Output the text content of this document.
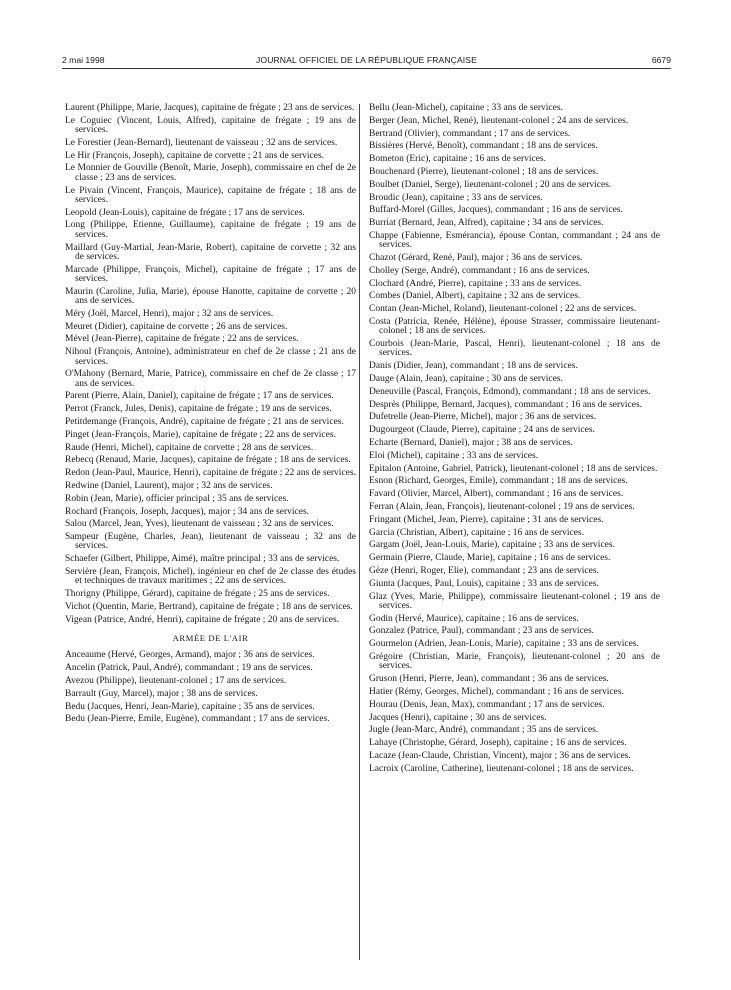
2 mai 1998	JOURNAL OFFICIEL DE LA RÉPUBLIQUE FRANÇAISE	6679

Laurent (Philippe, Marie, Jacques), capitaine de frégate ; 23 ans de services.

Le Coguiec (Vincent, Louis, Alfred), capitaine de frégate ; 19 ans de services.

Le Forestier (Jean-Bernard), lieutenant de vaisseau ; 32 ans de services.

Le Hir (François, Joseph), capitaine de corvette ; 21 ans de services.

Le Monnier de Gouville (Benoît, Marie, Joseph), commissaire en chef de 2e classe ; 23 ans de services.

Le Pivain (Vincent, François, Maurice), capitaine de frégate ; 18 ans de services.

Leopold (Jean-Louis), capitaine de frégate ; 17 ans de services.

Long (Philippe, Etienne, Guillaume), capitaine de frégate ; 19 ans de services.

Maillard (Guy-Martial, Jean-Marie, Robert), capitaine de corvette ; 32 ans de services.

Marcade (Philippe, François, Michel), capitaine de frégate ; 17 ans de services.

Maurin (Caroline, Julia, Marie), épouse Hanotte, capitaine de corvette ; 20 ans de services.

Méry (Joël, Marcel, Henri), major ; 32 ans de services.

Meuret (Didier), capitaine de corvette ; 26 ans de services.

Mével (Jean-Pierre), capitaine de frégate ; 22 ans de services.

Nihoul (François, Antoine), administrateur en chef de 2e classe ; 21 ans de services.

O'Mahony (Bernard, Marie, Patrice), commissaire en chef de 2e classe ; 17 ans de services.

Parent (Pierre, Alain, Daniel), capitaine de frégate ; 17 ans de services.

Perrot (Franck, Jules, Denis), capitaine de frégate ; 19 ans de services.

Petitdemange (François, André), capitaine de frégate ; 21 ans de services.

Pinget (Jean-François, Marie), capitaine de frégate ; 22 ans de services.

Raude (Henri, Michel), capitaine de corvette ; 28 ans de services.

Rebecq (Renaud, Marie, Jacques), capitaine de frégate ; 18 ans de services.

Redon (Jean-Paul, Maurice, Henri), capitaine de frégate ; 22 ans de services.

Redwine (Daniel, Laurent), major ; 32 ans de services.

Robin (Jean, Marie), officier principal ; 35 ans de services.

Rochard (François, Joseph, Jacques), major ; 34 ans de services.

Salou (Marcel, Jean, Yves), lieutenant de vaisseau ; 32 ans de services.

Sampeur (Eugène, Charles, Jean), lieutenant de vaisseau ; 32 ans de services.

Schaefer (Gilbert, Philippe, Aimé), maître principal ; 33 ans de services.

Servière (Jean, François, Michel), ingénieur en chef de 2e classe des études et techniques de travaux maritimes ; 22 ans de services.

Thorigny (Philippe, Gérard), capitaine de frégate ; 25 ans de services.

Vichot (Quentin, Marie, Bertrand), capitaine de frégate ; 18 ans de services.

Vigean (Patrice, André, Henri), capitaine de frégate ; 20 ans de services.

ARMÉE DE L'AIR

Anceaume (Hervé, Georges, Armand), major ; 36 ans de services.

Ancelin (Patrick, Paul, André), commandant ; 19 ans de services.

Avezou (Philippe), lieutenant-colonel ; 17 ans de services.

Barrault (Guy, Marcel), major ; 38 ans de services.

Bedu (Jacques, Henri, Jean-Marie), capitaine ; 35 ans de services.

Bedu (Jean-Pierre, Emile, Eugène), commandant ; 17 ans de services.

Bellu (Jean-Michel), capitaine ; 33 ans de services.

Berger (Jean, Michel, René), lieutenant-colonel ; 24 ans de services.

Bertrand (Olivier), commandant ; 17 ans de services.

Bissières (Hervé, Benoît), commandant ; 18 ans de services.

Bometon (Eric), capitaine ; 16 ans de services.

Bouchenard (Pierre), lieutenant-colonel ; 18 ans de services.

Boulbet (Daniel, Serge), lieutenant-colonel ; 20 ans de services.

Broudic (Jean), capitaine ; 33 ans de services.

Buffard-Morel (Gilles, Jacques), commandant ; 16 ans de services.

Burriat (Bernard, Jean, Alfred), capitaine ; 34 ans de services.

Chappe (Fabienne, Esméranciа), épouse Contan, commandant ; 24 ans de services.

Chazot (Gérard, René, Paul), major ; 36 ans de services.

Cholley (Serge, André), commandant ; 16 ans de services.

Clochard (André, Pierre), capitaine ; 33 ans de services.

Combes (Daniel, Albert), capitaine ; 32 ans de services.

Contan (Jean-Michel, Roland), lieutenant-colonel ; 22 ans de services.

Costa (Patricia, Renée, Hélène), épouse Strasser, commissaire lieutenant-colonel ; 18 ans de services.

Courbois (Jean-Marie, Pascal, Henri), lieutenant-colonel ; 18 ans de services.

Danis (Didier, Jean), commandant ; 18 ans de services.

Dauge (Alain, Jean), capitaine ; 30 ans de services.

Deneuville (Pascal, François, Edmond), commandant ; 18 ans de services.

Desprès (Philippe, Bernard, Jacques), commandant ; 16 ans de services.

Dufetrelle (Jean-Pierre, Michel), major ; 36 ans de services.

Dugourgeot (Claude, Pierre), capitaine ; 24 ans de services.

Echarte (Bernard, Daniel), major ; 38 ans de services.

Eloi (Michel), capitaine ; 33 ans de services.

Epitalon (Antoine, Gabriel, Patrick), lieutenant-colonel ; 18 ans de services.

Esnon (Richard, Georges, Emile), commandant ; 18 ans de services.

Favard (Olivier, Marcel, Albert), commandant ; 16 ans de services.

Ferran (Alain, Jean, François), lieutenant-colonel ; 19 ans de services.

Fringant (Michel, Jean, Pierre), capitaine ; 31 ans de services.

Garcia (Christian, Albert), capitaine ; 16 ans de services.

Gargam (Joël, Jean-Louis, Marie), capitaine ; 33 ans de services.

Germain (Pierre, Claude, Marie), capitaine ; 16 ans de services.

Gèze (Henri, Roger, Elie), commandant ; 23 ans de services.

Giunta (Jacques, Paul, Louis), capitaine ; 33 ans de services.

Glaz (Yves, Marie, Philippe), commissaire lieutenant-colonel ; 19 ans de services.

Godin (Hervé, Maurice), capitaine ; 16 ans de services.

Gonzalez (Patrice, Paul), commandant ; 23 ans de services.

Gourmelon (Adrien, Jean-Louis, Marie), capitaine ; 33 ans de services.

Grégoire (Christian, Marie, François), lieutenant-colonel ; 20 ans de services.

Gruson (Henri, Pierre, Jean), commandant ; 36 ans de services.

Hatier (Rémy, Georges, Michel), commandant ; 16 ans de services.

Hourau (Denis, Jean, Max), commandant ; 17 ans de services.

Jacques (Henri), capitaine ; 30 ans de services.

Jugle (Jean-Marc, André), commandant ; 35 ans de services.

Lahaye (Christophe, Gérard, Joseph), capitaine ; 16 ans de services.

Lacaze (Jean-Claude, Christian, Vincent), major ; 36 ans de services.

Lacroix (Caroline, Catherine), lieutenant-colonel ; 18 ans de services.
